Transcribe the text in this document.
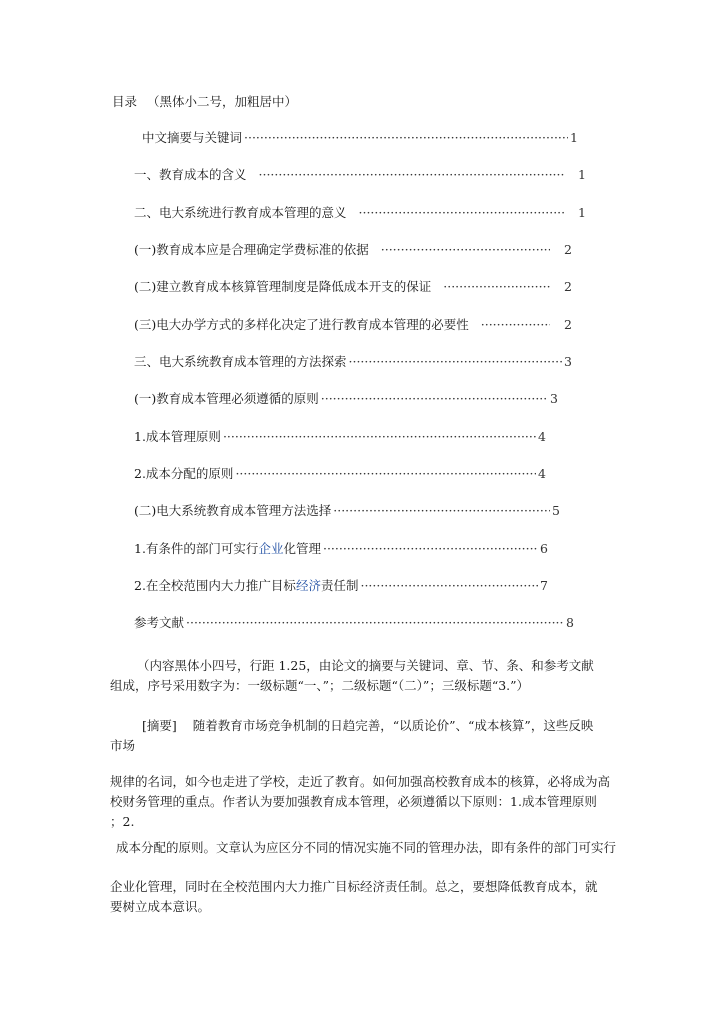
目录 （黑体小二号，加粗居中）
中文摘要与关键词 ·····	1
一、教育成本的含义 ·····	1
二、电大系统进行教育成本管理的意义 ·····	1
(一)教育成本应是合理确定学费标准的依据 ·····	2
(二)建立教育成本核算管理制度是降低成本开支的保证 ·····	2
(三)电大办学方式的多样化决定了进行教育成本管理的必要性 ·····	2
三、电大系统教育成本管理的方法探索 ·····	3
(一)教育成本管理必须遵循的原则 ·····	3
1.成本管理原则 ·····	4
2.成本分配的原则 ·····	4
(二)电大系统教育成本管理方法选择 ·····	5
1.有条件的部门可实行企业化管理 ·····	6
2.在全校范围内大力推广目标经济责任制 ·····	7
参考文献 ·····	8
（内容黑体小四号，行距 1.25，由论文的摘要与关键词、章、节、条、和参考文献
组成，序号采用数字为：一级标题“一、”；二级标题“（二）”；三级标题“3.”）
[摘要] 随着教育市场竞争机制的日趋完善，“以质论价”、“成本核算”，这些反映
市场
规律的名词，如今也走进了学校，走近了教育。如何加强高校教育成本的核算，必将成为高
校财务管理的重点。作者认为要加强教育成本管理，必须遵循以下原则：1.成本管理原则
；2.
成本分配的原则。文章认为应区分不同的情况实施不同的管理办法，即有条件的部门可实行
企业化管理，同时在全校范围内大力推广目标经济责任制。总之，要想降低教育成本，就
要树立成本意识。
